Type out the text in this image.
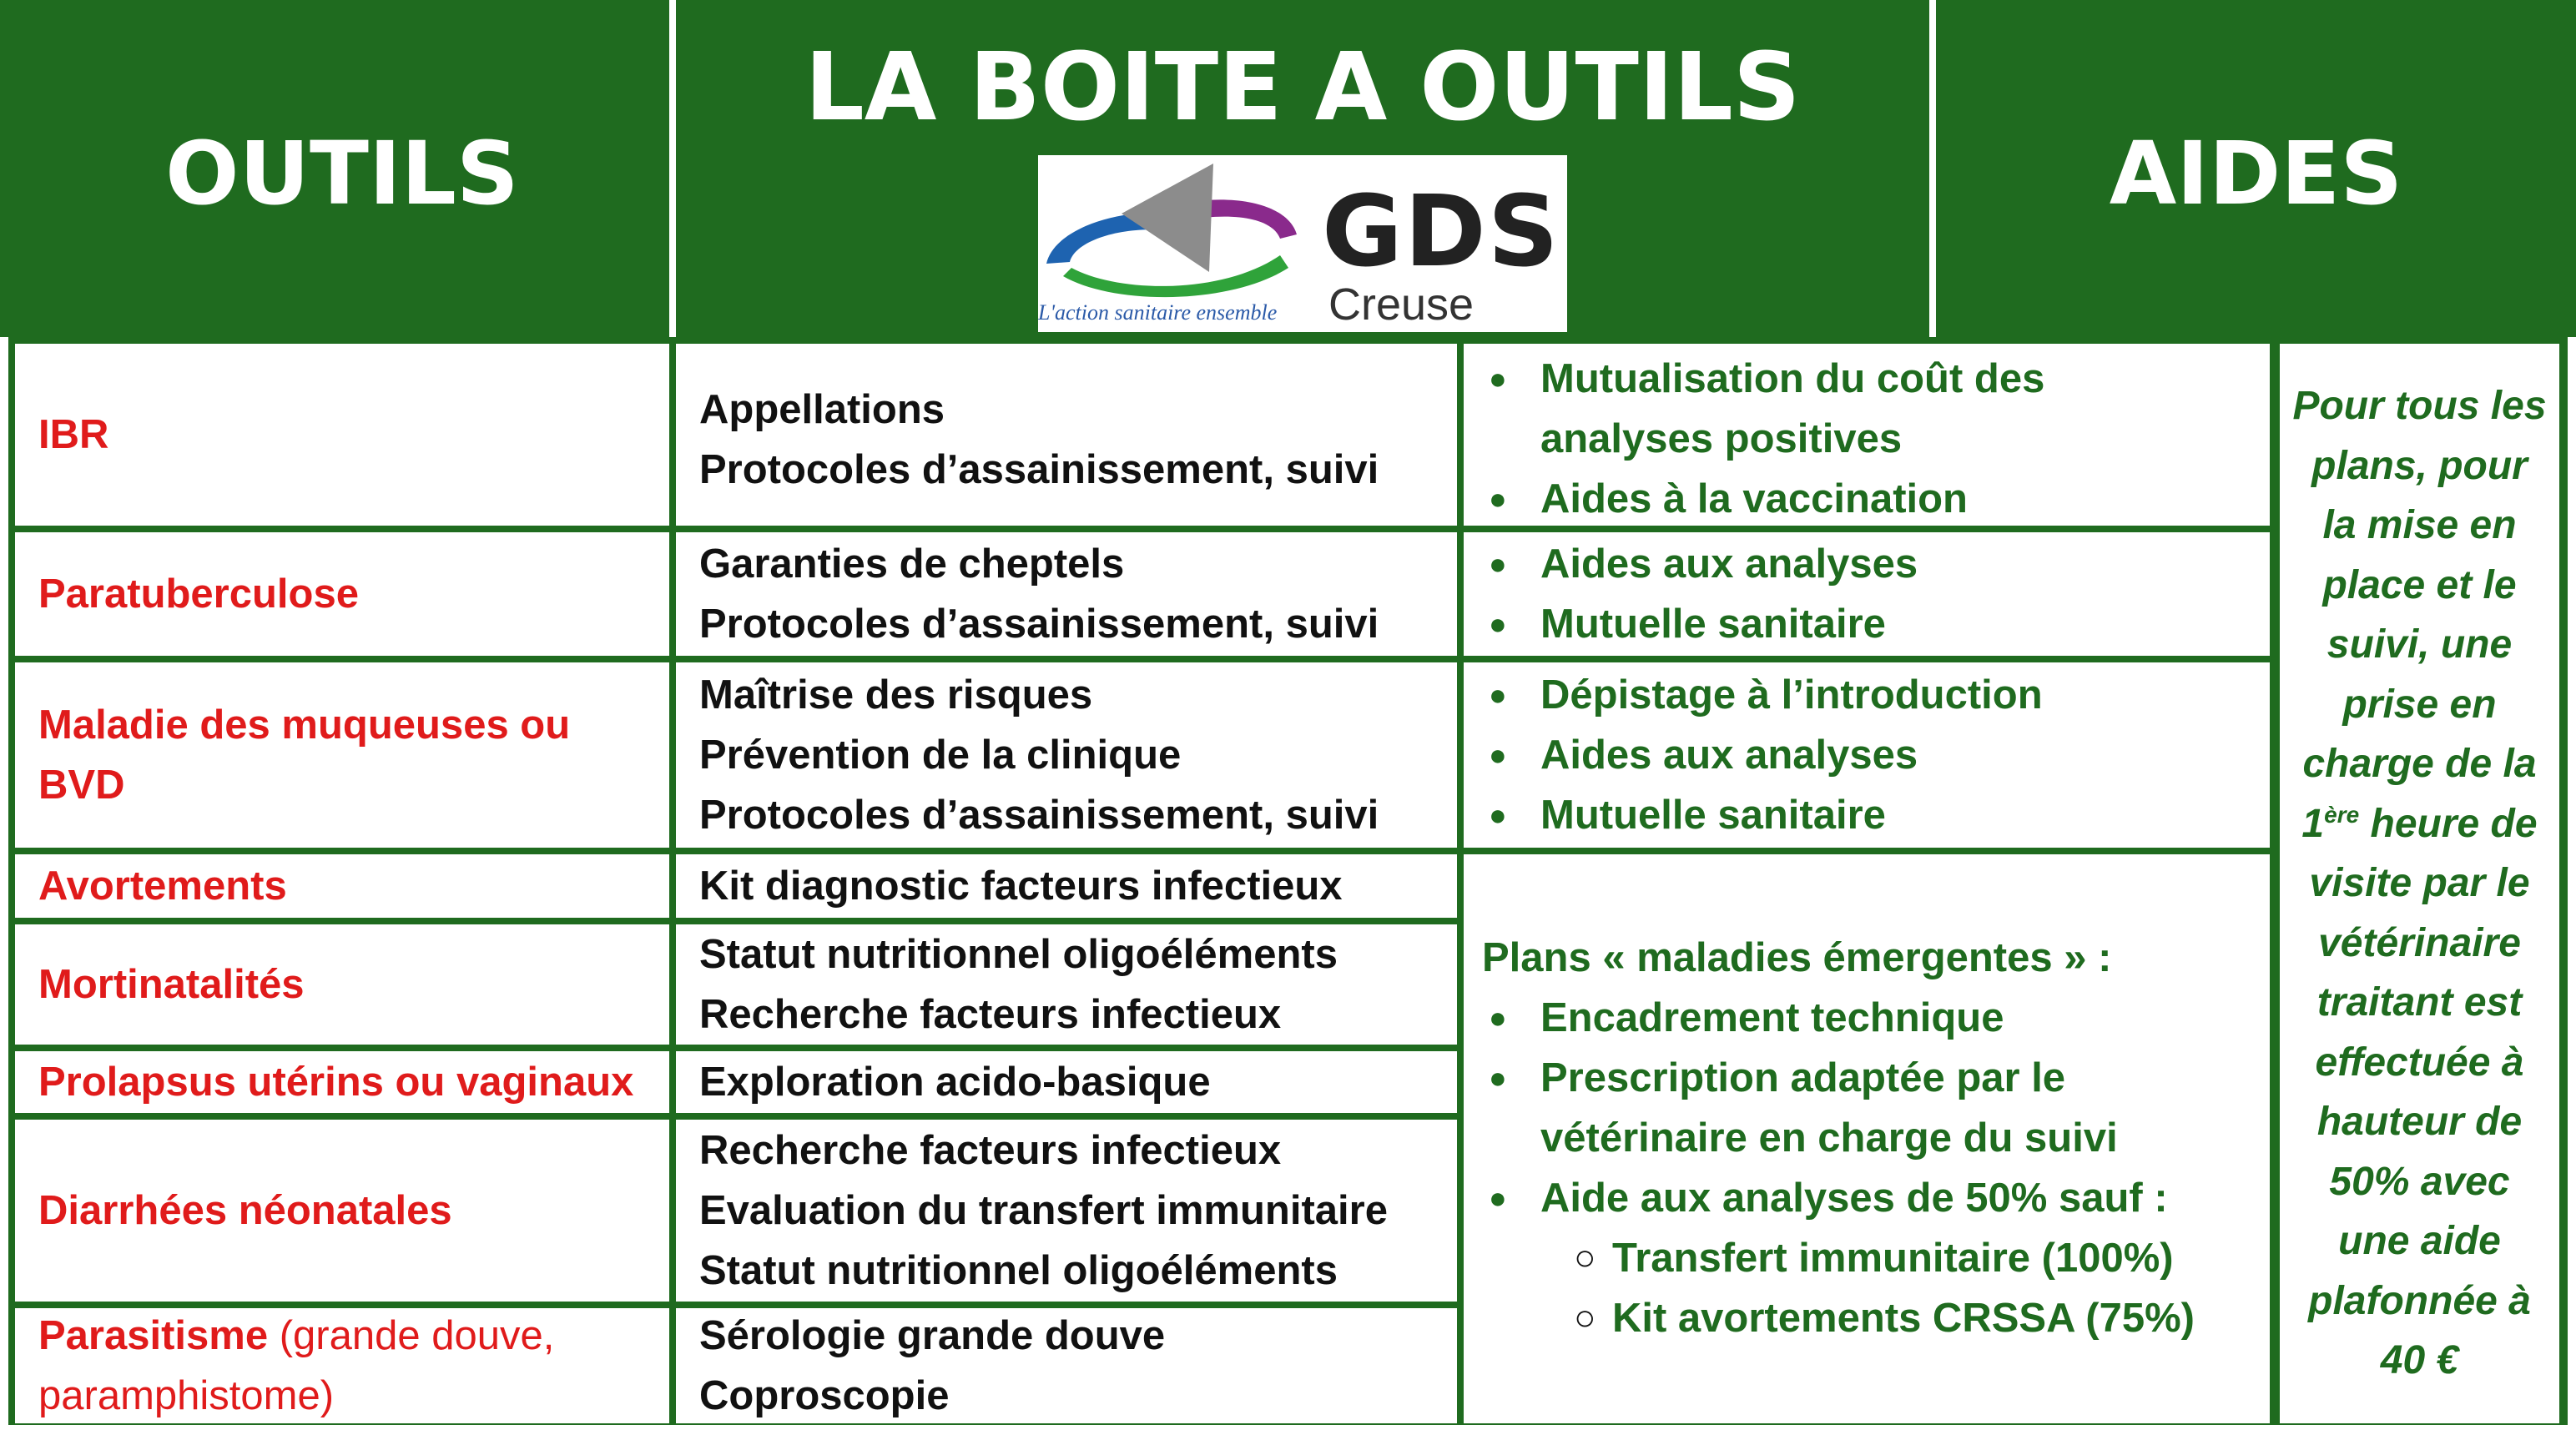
OUTILS
LA BOITE A OUTILS
AIDES
GDS
Creuse
L'action sanitaire ensemble
IBR
Appellations
Protocoles d’assainissement, suivi
● Mutualisation du coût des analyses positives
● Aides à la vaccination
Paratuberculose
Garanties de cheptels
Protocoles d’assainissement, suivi
● Aides aux analyses
● Mutuelle sanitaire
Maladie des muqueuses ou BVD
Maîtrise des risques
Prévention de la clinique
Protocoles d’assainissement, suivi
● Dépistage à l’introduction
● Aides aux analyses
● Mutuelle sanitaire
Avortements	Kit diagnostic facteurs infectieux
Mortinatalités
Statut nutritionnel oligoéléments
Recherche facteurs infectieux
Prolapsus utérins ou vaginaux Exploration acido-basique
Diarrhées néonatales
Recherche facteurs infectieux
Evaluation du transfert immunitaire
Statut nutritionnel oligoéléments
Parasitisme (grande douve, paramphistome)
Sérologie grande douve
Coproscopie
Plans « maladies émergentes » :
● Encadrement technique
● Prescription adaptée par le vétérinaire en charge du suivi
● Aide aux analyses de 50% sauf :
○ Transfert immunitaire (100%)
○ Kit avortements CRSSA (75%)
Pour tous les plans, pour la mise en place et le suivi, une prise en charge de la 1ère heure de visite par le vétérinaire traitant est effectuée à hauteur de 50% avec une aide plafonnée à 40 €
